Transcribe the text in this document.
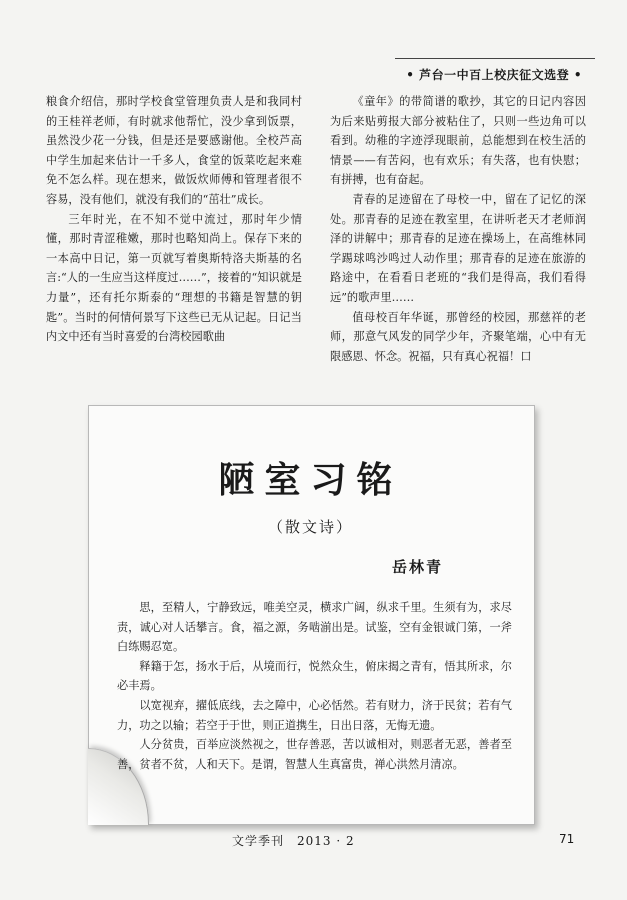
• 芦台一中百上校庆征文选登 •

粮食介绍信，那时学校食堂管理负责人是和我同村的王桂祥老师，有时就求他帮忙，没少拿到饭票，虽然没少花一分钱，但是还是要感谢他。全校芦高中学生加起来估计一千多人，食堂的饭菜吃起来难免不怎么样。现在想来，做饭炊师傅和管理者很不容易，没有他们，就没有我们的“茁壮”成长。

三年时光，在不知不觉中流过，那时年少情懂，那时青涩稚嫩，那时也略知尚上。保存下来的一本高中日记，第一页就写着奥斯特洛夫斯基的名言:“人的一生应当这样度过……”，接着的“知识就是力量”，还有托尔斯泰的“理想的书籍是智慧的钥匙”。当时的何情何景写下这些已无从记起。日记当内文中还有当时喜爱的台湾校园歌曲

《童年》的带简谱的歌抄，其它的日记内容因为后来贴剪报大部分被粘住了，只则一些边角可以看到。幼稚的字迹浮现眼前，总能想到在校生活的情景——有苦闷，也有欢乐；有失落，也有快慰；有拼搏，也有奋起。

青春的足迹留在了母校一中，留在了记忆的深处。那青春的足迹在教室里，在讲听老天才老师润泽的讲解中；那青春的足迹在操场上，在高维林同学踢球鸣沙鸣过人动作里；那青春的足迹在旅游的路途中，在看看日老班的“我们是得高，我们看得远”的歌声里……

值母校百年华诞，那曾经的校园，那慈祥的老师，那意气风发的同学少年，齐聚笔端，心中有无限感恩、怀念。祝福，只有真心祝福！口

陋室习铭
（散文诗）
岳林青

思，至精人，宁静致远，唯美空灵，横求广阔，纵求千里。生须有为，求尽责，诚心对人话攀言。食，福之源，务啮湔出是。试鉴，空有金银诚门第，一斧白练赐忍宽。

释籍于怎，扬水于后，从境而行，悦然众生，俯床揭之青有，悟其所求，尔必丰焉。

以宽视弃，擢低底线，去之障中，心必恬然。若有财力，济于民贫；若有气力，功之以输；若空于于世，则正道携生，日出日落，无悔无遗。

人分贫贵，百举应淡然视之，世存善恶，苦以诚相对，则恶者无恶，善者至善，贫者不贫，人和天下。是谓，智慧人生真富贵，禅心洪然月清凉。

文学季刊　2013 · 2	71
